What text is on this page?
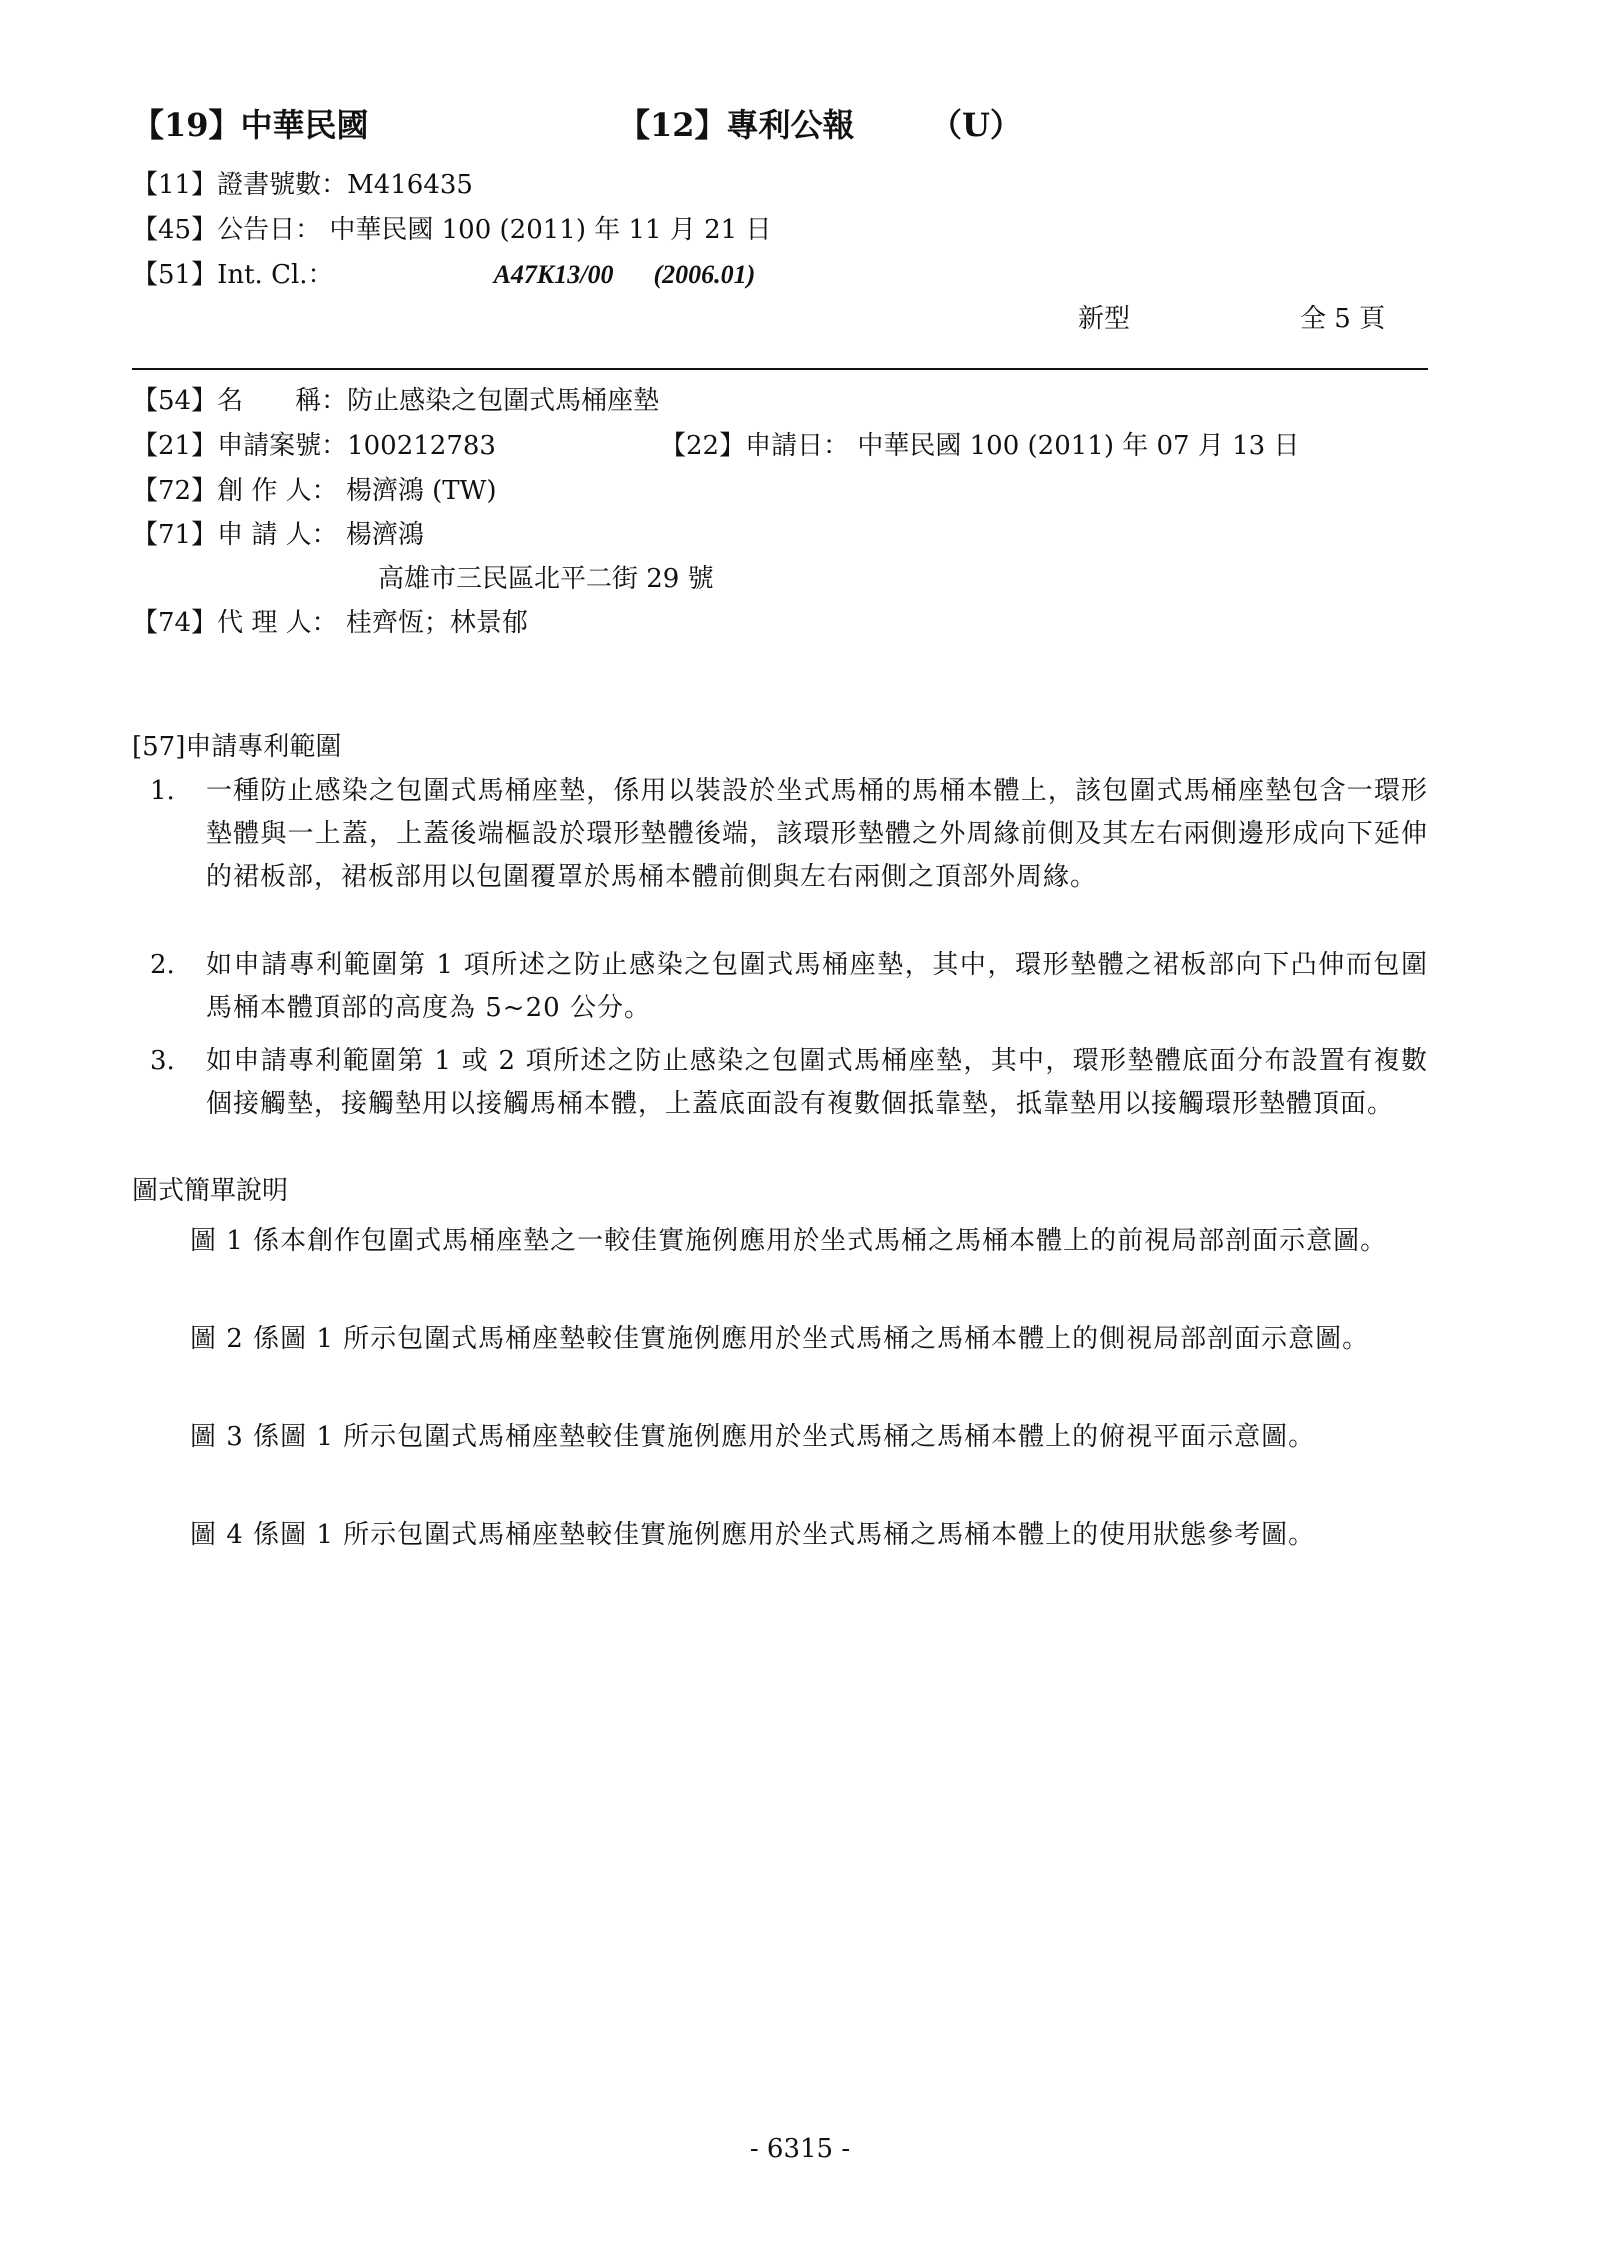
【19】中華民國	【12】專利公報 （U）
【11】證書號數：M416435
【45】公告日： 中華民國 100 (2011) 年 11 月 21 日
【51】Int. Cl.：	A47K13/00 (2006.01)
新型	全 5 頁
【54】名　　稱：防止感染之包圍式馬桶座墊
【21】申請案號：100212783	【22】申請日： 中華民國 100 (2011) 年 07 月 13 日
【72】創 作 人： 楊濟鴻 (TW)
【71】申 請 人： 楊濟鴻
高雄市三民區北平二街 29 號
【74】代 理 人： 桂齊恆；林景郁
[57]申請專利範圍
1.	一種防止感染之包圍式馬桶座墊，係用以裝設於坐式馬桶的馬桶本體上，該包圍式馬桶座墊包含一環形墊體與一上蓋，上蓋後端樞設於環形墊體後端，該環形墊體之外周緣前側及其左右兩側邊形成向下延伸的裙板部，裙板部用以包圍覆罩於馬桶本體前側與左右兩側之頂部外周緣。
2.	如申請專利範圍第 1 項所述之防止感染之包圍式馬桶座墊，其中，環形墊體之裙板部向下凸伸而包圍馬桶本體頂部的高度為 5~20 公分。
3.	如申請專利範圍第 1 或 2 項所述之防止感染之包圍式馬桶座墊，其中，環形墊體底面分布設置有複數個接觸墊，接觸墊用以接觸馬桶本體，上蓋底面設有複數個抵靠墊，抵靠墊用以接觸環形墊體頂面。
圖式簡單說明
圖 1 係本創作包圍式馬桶座墊之一較佳實施例應用於坐式馬桶之馬桶本體上的前視局部剖面示意圖。
圖 2 係圖 1 所示包圍式馬桶座墊較佳實施例應用於坐式馬桶之馬桶本體上的側視局部剖面示意圖。
圖 3 係圖 1 所示包圍式馬桶座墊較佳實施例應用於坐式馬桶之馬桶本體上的俯視平面示意圖。
圖 4 係圖 1 所示包圍式馬桶座墊較佳實施例應用於坐式馬桶之馬桶本體上的使用狀態參考圖。
- 6315 -
